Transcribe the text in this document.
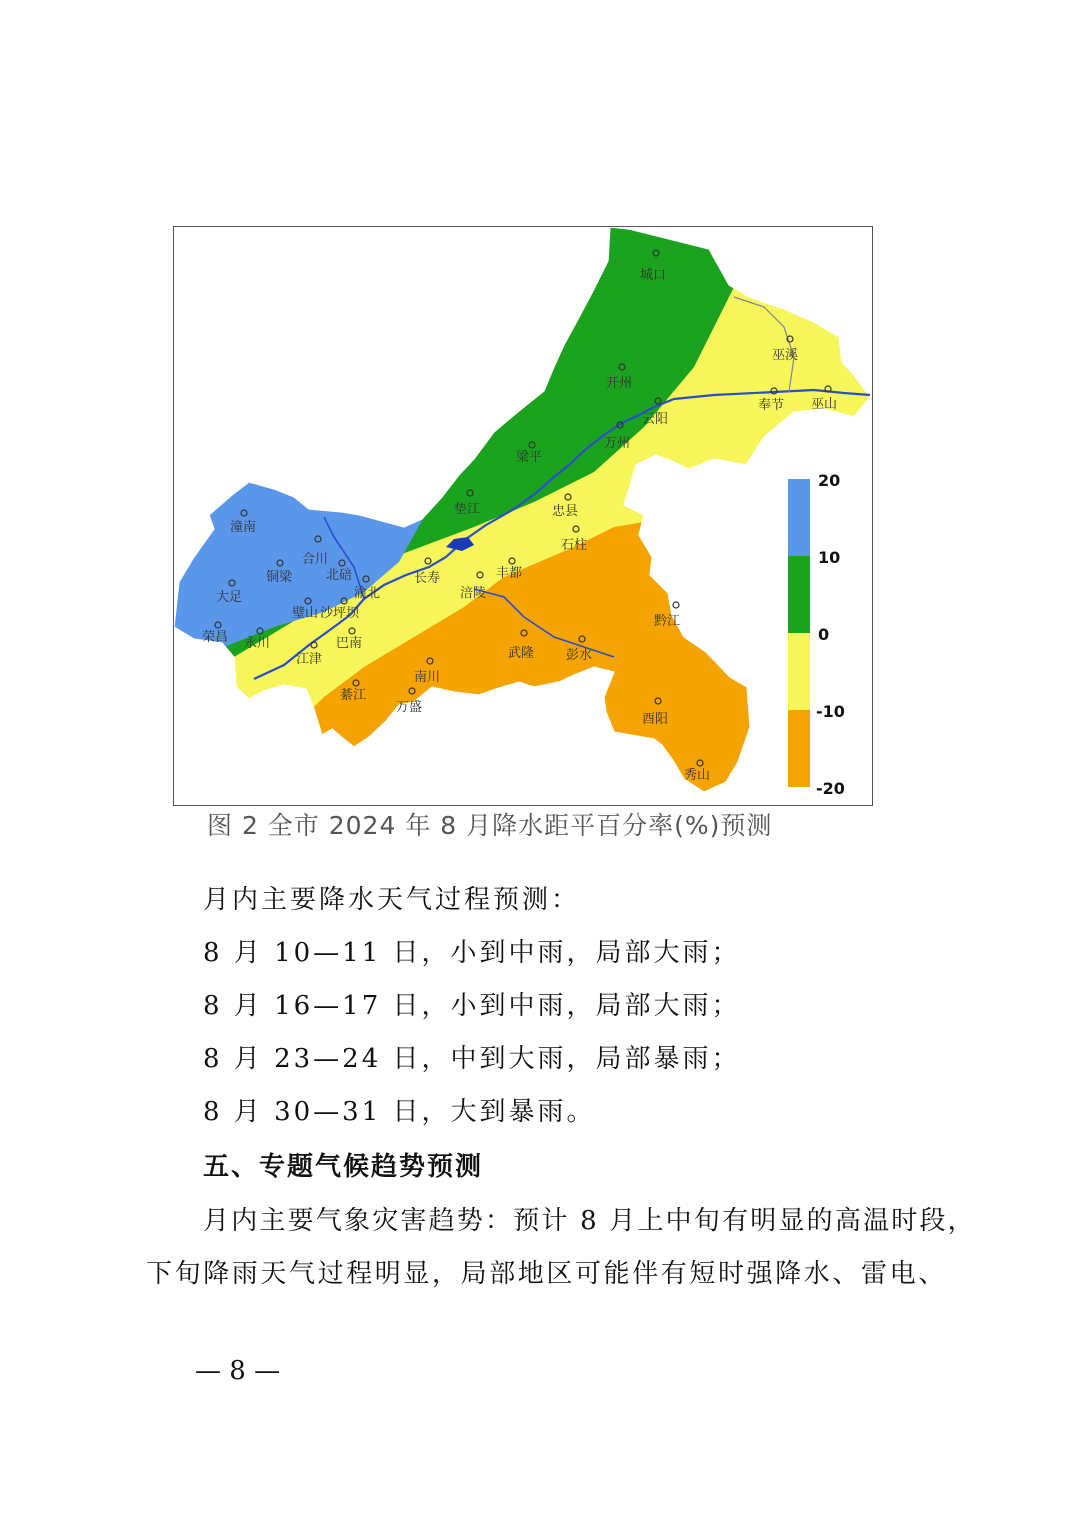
城口
巫溪
开州
奉节 巫山
云阳
万州
梁平
忠县
垫江
石柱
潼南
合川
铜梁	北碚	长寿	丰都
大足	渝北	涪陵
黔江
璧山 沙坪坝
荣昌 永川
江津
巴南
武隆 彭水
南川
綦江
万盛
酉阳
秀山
20
10
0
-10
-20
图 2 全市 2024 年 8 月降水距平百分率(%)预测
月内主要降水天气过程预测：
8 月 10—11 日，小到中雨，局部大雨；
8 月 16—17 日，小到中雨，局部大雨；
8 月 23—24 日，中到大雨，局部暴雨；
8 月 30—31 日，大到暴雨。
五、专题气候趋势预测
月内主要气象灾害趋势：预计 8 月上中旬有明显的高温时段，
下旬降雨天气过程明显，局部地区可能伴有短时强降水、雷电、
— 8 —
